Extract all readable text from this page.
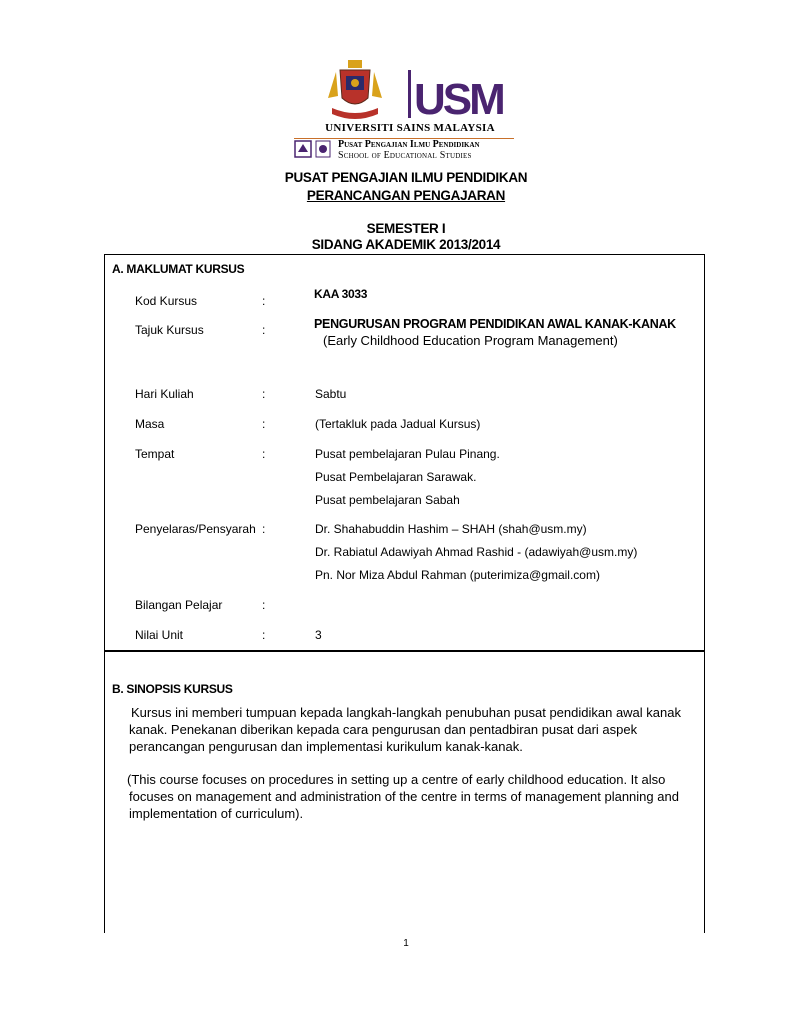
USM
UNIVERSITI SAINS MALAYSIA
Pusat Pengajian Ilmu Pendidikan
School of Educational Studies
PUSAT PENGAJIAN ILMU PENDIDIKAN
PERANCANGAN PENGAJARAN
SEMESTER I
SIDANG AKADEMIK 2013/2014
A. MAKLUMAT KURSUS
Kod Kursus	:	KAA 3033
Tajuk Kursus	:	PENGURUSAN PROGRAM PENDIDIKAN AWAL KANAK-KANAK
(Early Childhood Education Program Management)
Hari Kuliah	:	Sabtu
Masa	:	(Tertakluk pada Jadual Kursus)
Tempat	:	Pusat pembelajaran Pulau Pinang.
Pusat Pembelajaran Sarawak.
Pusat pembelajaran Sabah
Penyelaras/Pensyarah :	Dr. Shahabuddin Hashim – SHAH (shah@usm.my)
Dr. Rabiatul Adawiyah Ahmad Rashid - (adawiyah@usm.my)
Pn. Nor Miza Abdul Rahman (puterimiza@gmail.com)
Bilangan Pelajar	:
Nilai Unit	:	3
B. SINOPSIS KURSUS
Kursus ini memberi tumpuan kepada langkah-langkah penubuhan pusat pendidikan awal kanak
kanak. Penekanan diberikan kepada cara pengurusan dan pentadbiran pusat dari aspek
perancangan pengurusan dan implementasi kurikulum kanak-kanak.
(This course focuses on procedures in setting up a centre of early childhood education. It also
focuses on management and administration of the centre in terms of management planning and
implementation of curriculum).
1
